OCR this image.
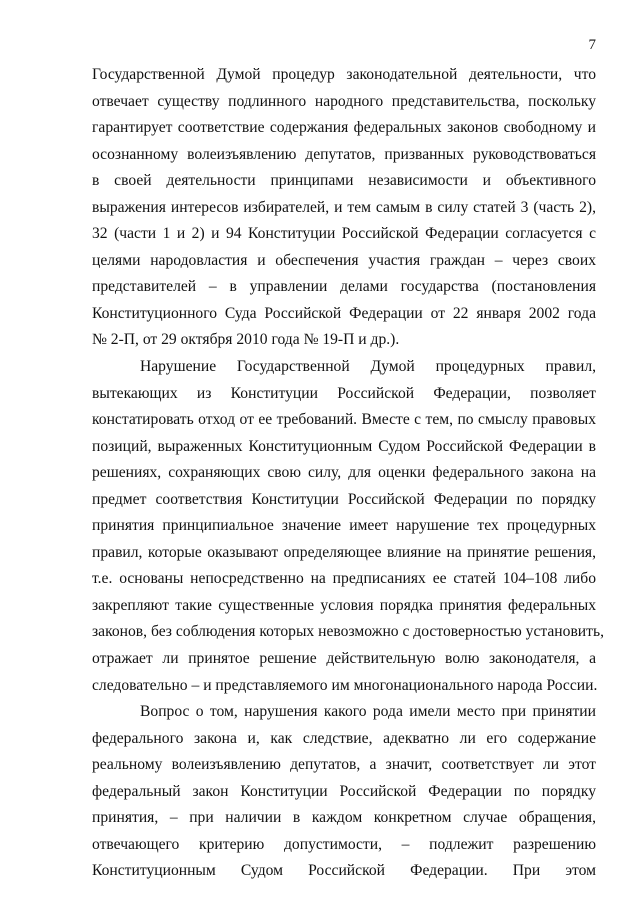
7
Государственной Думой процедур законодательной деятельности, что
отвечает существу подлинного народного представительства, поскольку
гарантирует соответствие содержания федеральных законов свободному и
осознанному волеизъявлению депутатов, призванных руководствоваться
в своей деятельности принципами независимости и объективного
выражения интересов избирателей, и тем самым в силу статей 3 (часть 2),
32 (части 1 и 2) и 94 Конституции Российской Федерации согласуется с
целями народовластия и обеспечения участия граждан – через своих
представителей – в управлении делами государства (постановления
Конституционного Суда Российской Федерации от 22 января 2002 года
№ 2-П, от 29 октября 2010 года № 19-П и др.).
Нарушение Государственной Думой процедурных правил,
вытекающих из Конституции Российской Федерации, позволяет
констатировать отход от ее требований. Вместе с тем, по смыслу правовых
позиций, выраженных Конституционным Судом Российской Федерации в
решениях, сохраняющих свою силу, для оценки федерального закона на
предмет соответствия Конституции Российской Федерации по порядку
принятия принципиальное значение имеет нарушение тех процедурных
правил, которые оказывают определяющее влияние на принятие решения,
т.е. основаны непосредственно на предписаниях ее статей 104–108 либо
закрепляют такие существенные условия порядка принятия федеральных
законов, без соблюдения которых невозможно с достоверностью установить,
отражает ли принятое решение действительную волю законодателя, а
следовательно – и представляемого им многонационального народа России.
Вопрос о том, нарушения какого рода имели место при принятии
федерального закона и, как следствие, адекватно ли его содержание
реальному волеизъявлению депутатов, а значит, соответствует ли этот
федеральный закон Конституции Российской Федерации по порядку
принятия, – при наличии в каждом конкретном случае обращения,
отвечающего критерию допустимости, – подлежит разрешению
Конституционным Судом Российской Федерации. При этом
